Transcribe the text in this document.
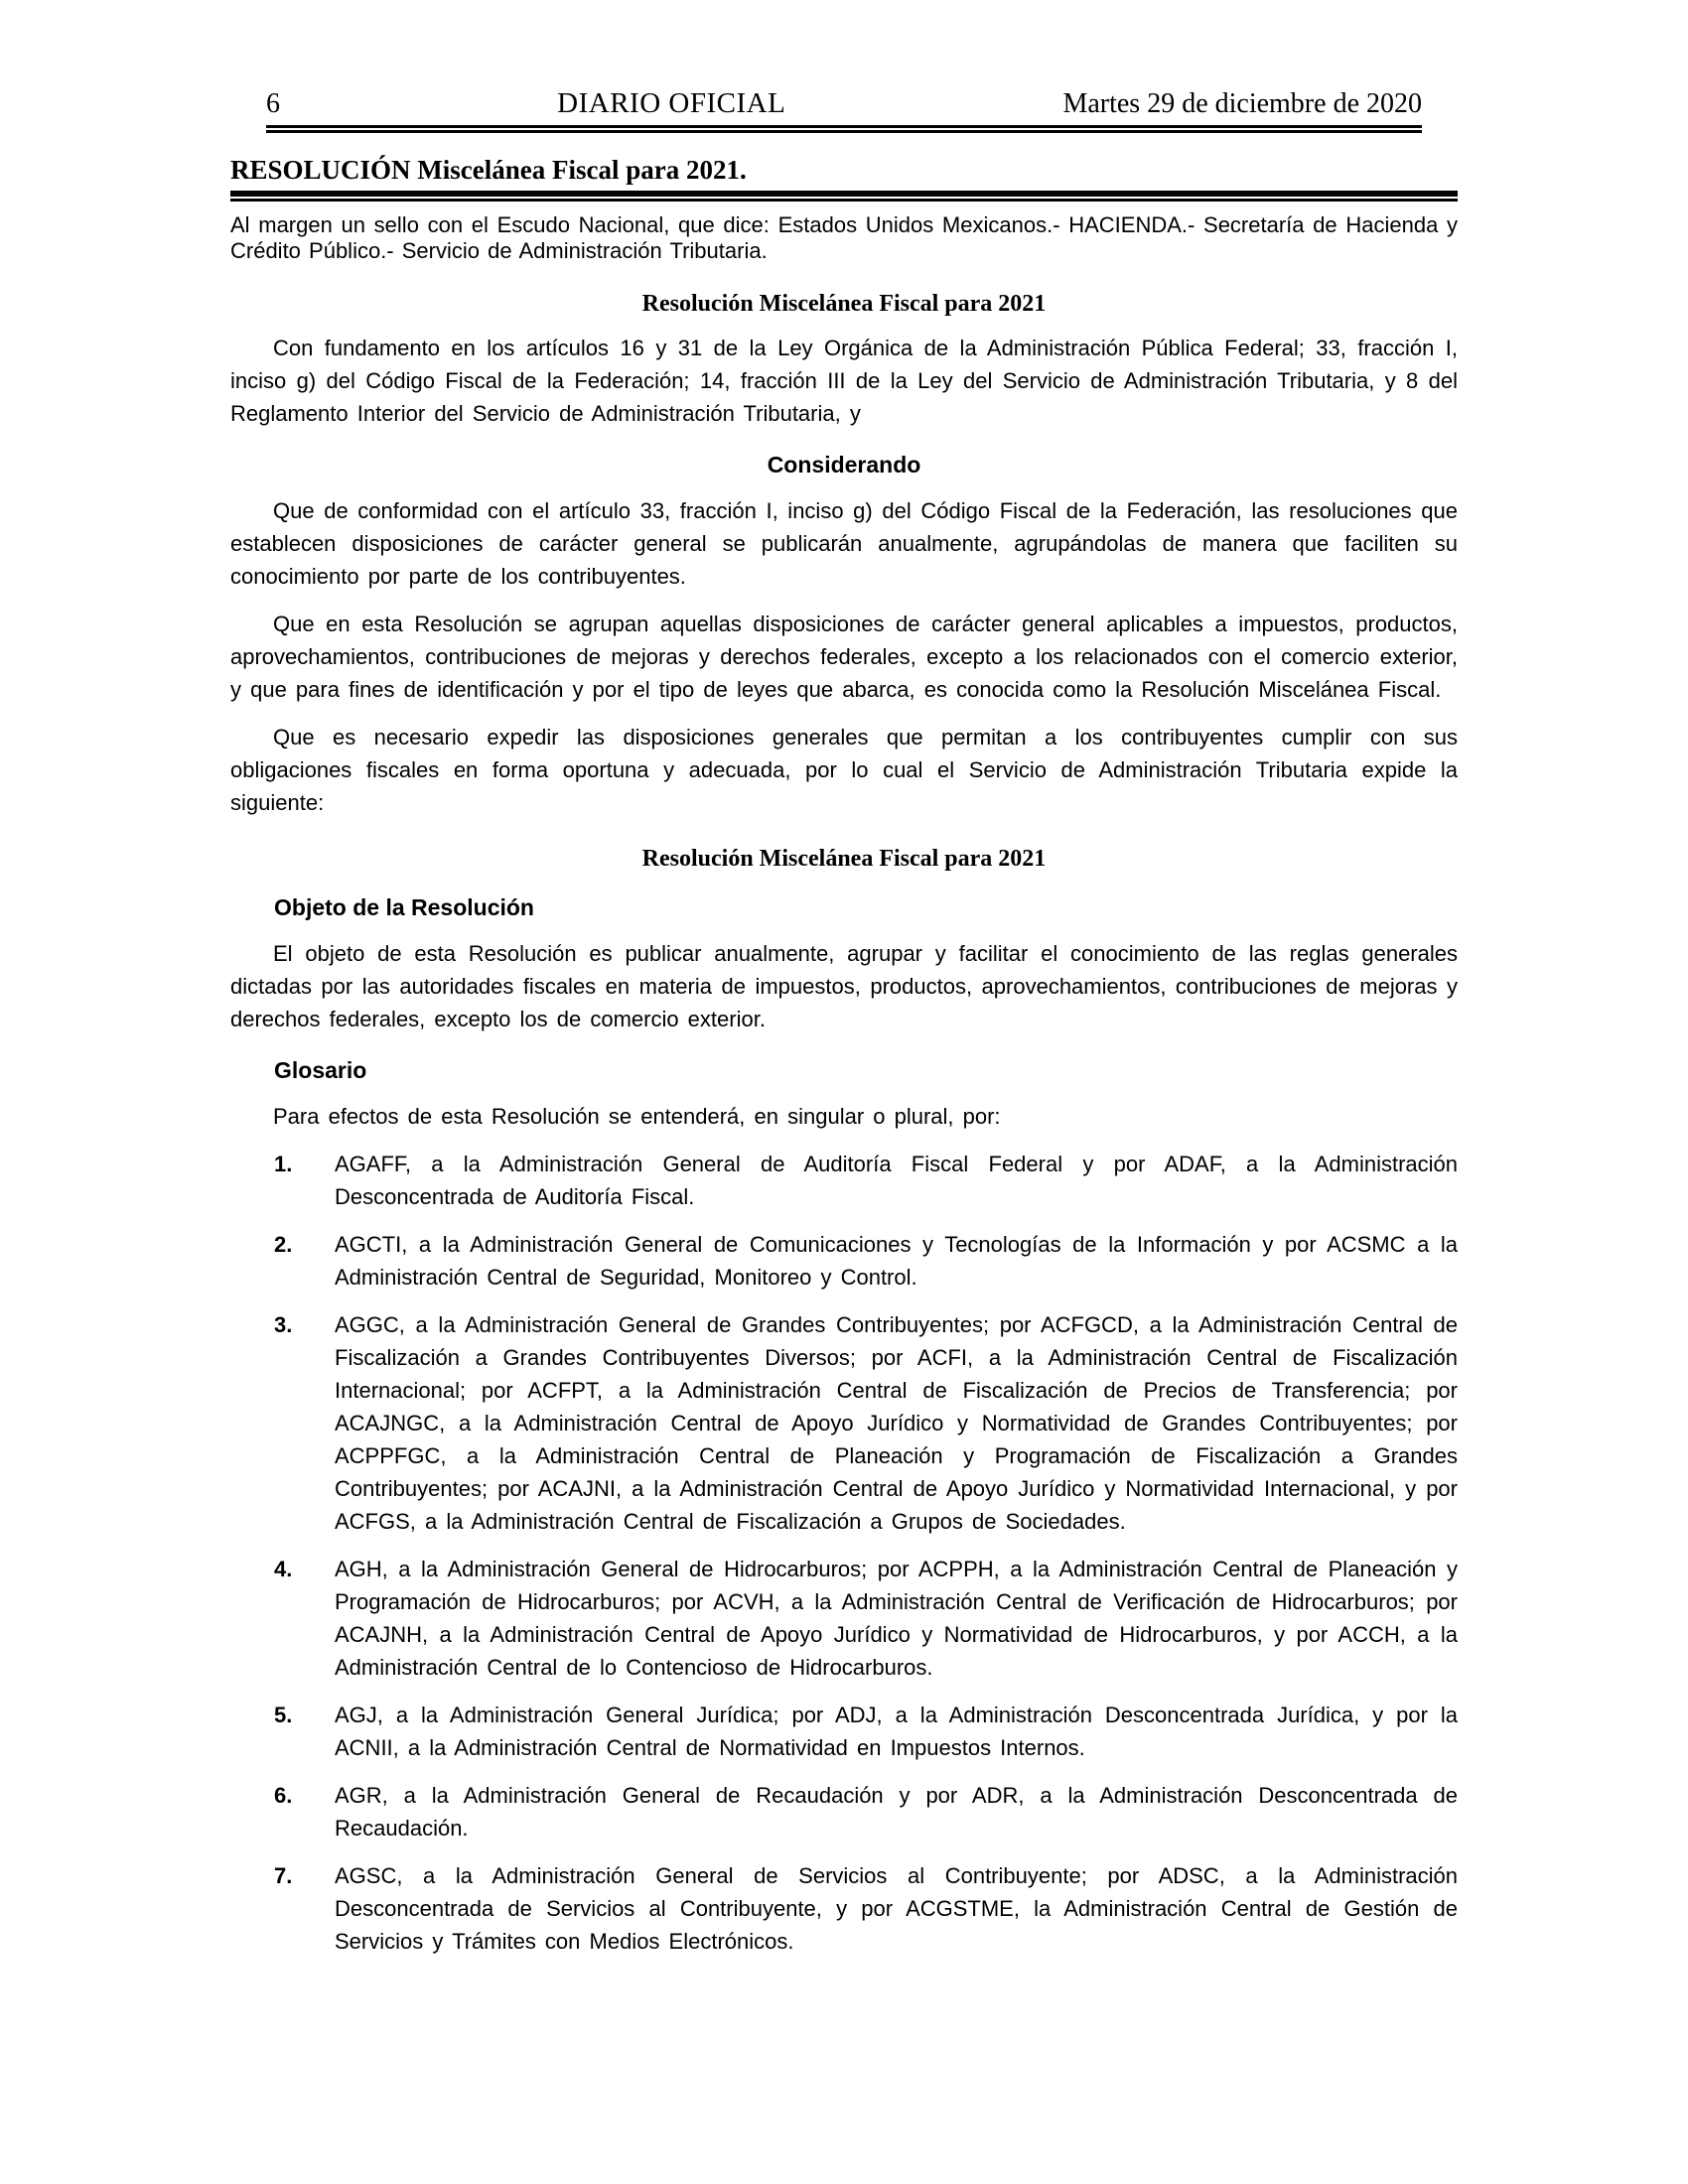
6	DIARIO OFICIAL	Martes 29 de diciembre de 2020
RESOLUCIÓN Miscelánea Fiscal para 2021.

Al margen un sello con el Escudo Nacional, que dice: Estados Unidos Mexicanos.- HACIENDA.- Secretaría de Hacienda y Crédito Público.- Servicio de Administración Tributaria.

Resolución Miscelánea Fiscal para 2021

Con fundamento en los artículos 16 y 31 de la Ley Orgánica de la Administración Pública Federal; 33, fracción I, inciso g) del Código Fiscal de la Federación; 14, fracción III de la Ley del Servicio de Administración Tributaria, y 8 del Reglamento Interior del Servicio de Administración Tributaria, y

Considerando

Que de conformidad con el artículo 33, fracción I, inciso g) del Código Fiscal de la Federación, las resoluciones que establecen disposiciones de carácter general se publicarán anualmente, agrupándolas de manera que faciliten su conocimiento por parte de los contribuyentes.

Que en esta Resolución se agrupan aquellas disposiciones de carácter general aplicables a impuestos, productos, aprovechamientos, contribuciones de mejoras y derechos federales, excepto a los relacionados con el comercio exterior, y que para fines de identificación y por el tipo de leyes que abarca, es conocida como la Resolución Miscelánea Fiscal.

Que es necesario expedir las disposiciones generales que permitan a los contribuyentes cumplir con sus obligaciones fiscales en forma oportuna y adecuada, por lo cual el Servicio de Administración Tributaria expide la siguiente:

Resolución Miscelánea Fiscal para 2021
Objeto de la Resolución

El objeto de esta Resolución es publicar anualmente, agrupar y facilitar el conocimiento de las reglas generales dictadas por las autoridades fiscales en materia de impuestos, productos, aprovechamientos, contribuciones de mejoras y derechos federales, excepto los de comercio exterior.

Glosario

Para efectos de esta Resolución se entenderá, en singular o plural, por:

1. AGAFF, a la Administración General de Auditoría Fiscal Federal y por ADAF, a la Administración Desconcentrada de Auditoría Fiscal.
2. AGCTI, a la Administración General de Comunicaciones y Tecnologías de la Información y por ACSMC a la Administración Central de Seguridad, Monitoreo y Control.
3. AGGC, a la Administración General de Grandes Contribuyentes; por ACFGCD, a la Administración Central de Fiscalización a Grandes Contribuyentes Diversos; por ACFI, a la Administración Central de Fiscalización Internacional; por ACFPT, a la Administración Central de Fiscalización de Precios de Transferencia; por ACAJNGC, a la Administración Central de Apoyo Jurídico y Normatividad de Grandes Contribuyentes; por ACPPFGC, a la Administración Central de Planeación y Programación de Fiscalización a Grandes Contribuyentes; por ACAJNI, a la Administración Central de Apoyo Jurídico y Normatividad Internacional, y por ACFGS, a la Administración Central de Fiscalización a Grupos de Sociedades.
4. AGH, a la Administración General de Hidrocarburos; por ACPPH, a la Administración Central de Planeación y Programación de Hidrocarburos; por ACVH, a la Administración Central de Verificación de Hidrocarburos; por ACAJNH, a la Administración Central de Apoyo Jurídico y Normatividad de Hidrocarburos, y por ACCH, a la Administración Central de lo Contencioso de Hidrocarburos.
5. AGJ, a la Administración General Jurídica; por ADJ, a la Administración Desconcentrada Jurídica, y por la ACNII, a la Administración Central de Normatividad en Impuestos Internos.
6. AGR, a la Administración General de Recaudación y por ADR, a la Administración Desconcentrada de Recaudación.
7. AGSC, a la Administración General de Servicios al Contribuyente; por ADSC, a la Administración Desconcentrada de Servicios al Contribuyente, y por ACGSTME, la Administración Central de Gestión de Servicios y Trámites con Medios Electrónicos.
